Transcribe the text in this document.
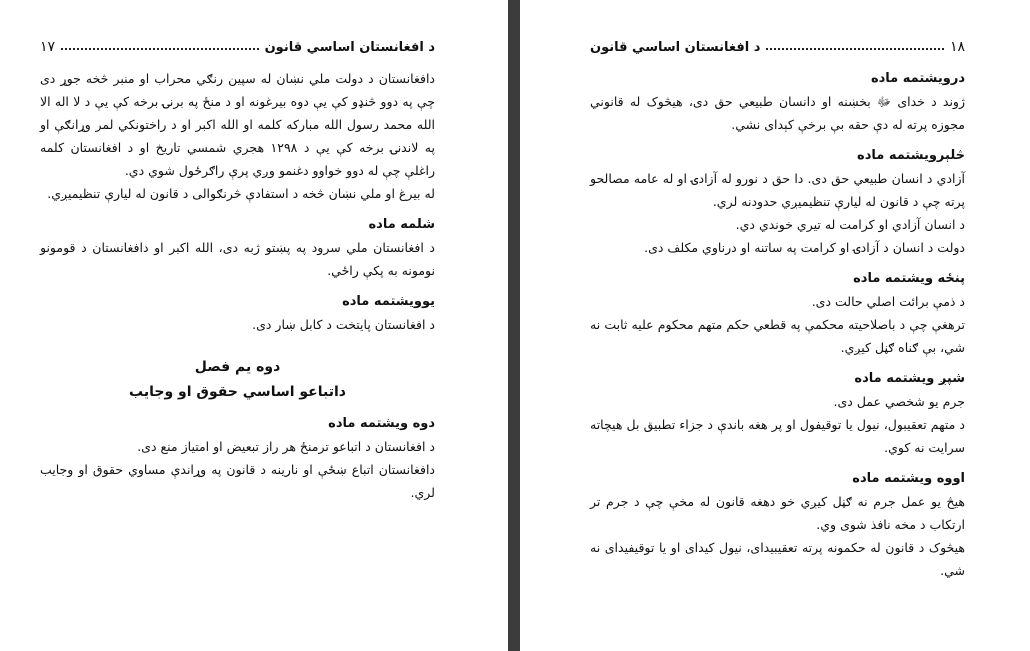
د افغانستان اساسي قانون
١٧

دافغانستان د دولت ملي نښان له سپين رنګي محراب او منبر څخه جوړ دی چې په دوو څنډو کې يې دوه بيرغونه او د منځ په برنۍ برخه کې يې د لا اله الا الله محمد رسول الله مبارکه کلمه او الله اکبر او د راختونکي لمر وړانګې او په لاندنۍ برخه کې يې د ۱۲۹۸ هجري شمسي تاريخ او د افغانستان کلمه راغلې چې له دوو خواوو دغنمو وږي پرې راګرځول شوي دي.

له بيرغ او ملي نښان څخه د استفادې څرنګوالی د قانون له لیارې تنظيميږي.

شلمه ماده

د افغانستان ملي سرود په پښتو ژبه دی، الله اکبر او دافغانستان د قومونو نومونه به پکې راځي.

يوويشتمه ماده

د افغانستان پايتخت د کابل ښار دی.

دوه يم فصل
داتباعو اساسي حقوق او وجايب
دوه ويشتمه ماده

د افغانستان د اتباعو ترمنځ هر راز تبعيض او امتياز منع دی.

دافغانستان اتباع ښځې او نارينه د قانون په وړاندې مساوي حقوق او وجايب لري.

١٨
د افغانستان اساسي قانون
درويشتمه ماده

ژوند د خدای ﷻ بخښنه او دانسان طبيعي حق دی، هيڅوک له قانوني مجوزه پرته له دې حقه بې برخې کېدای نشي.

څلېرويشتمه ماده

آزادي د انسان طبيعي حق دی. دا حق د نورو له آزادۍ او له عامه مصالحو پرته چې د قانون له لیارې تنظيميږي حدودنه لري.

د انسان آزادي او کرامت له تيري خوندي دي.

دولت د انسان د آزادۍ او کرامت په ساتنه او درناوي مکلف دی.

پنځه ويشتمه ماده

د ذمې برائت اصلي حالت دی.

ترهغې چې د باصلاحيته محکمې په قطعي حکم متهم محکوم عليه ثابت نه شي، بې ګناه ګڼل کيږي.

شپږ ويشتمه ماده

جرم يو شخصي عمل دی.

د متهم تعقيبول، نيول يا توقيفول او پر هغه باندې د جزاء تطبيق بل هيچاته سرايت نه کوي.

اووه ويشتمه ماده

هيڅ يو عمل جرم نه ګڼل کيږي خو دهغه قانون له مخې چې د جرم تر ارتکاب د مخه نافذ شوی وي.

هيڅوک د قانون له حکمونه پرته تعقيبيدای، نيول کيدای او يا توقيفيدای نه شي.
